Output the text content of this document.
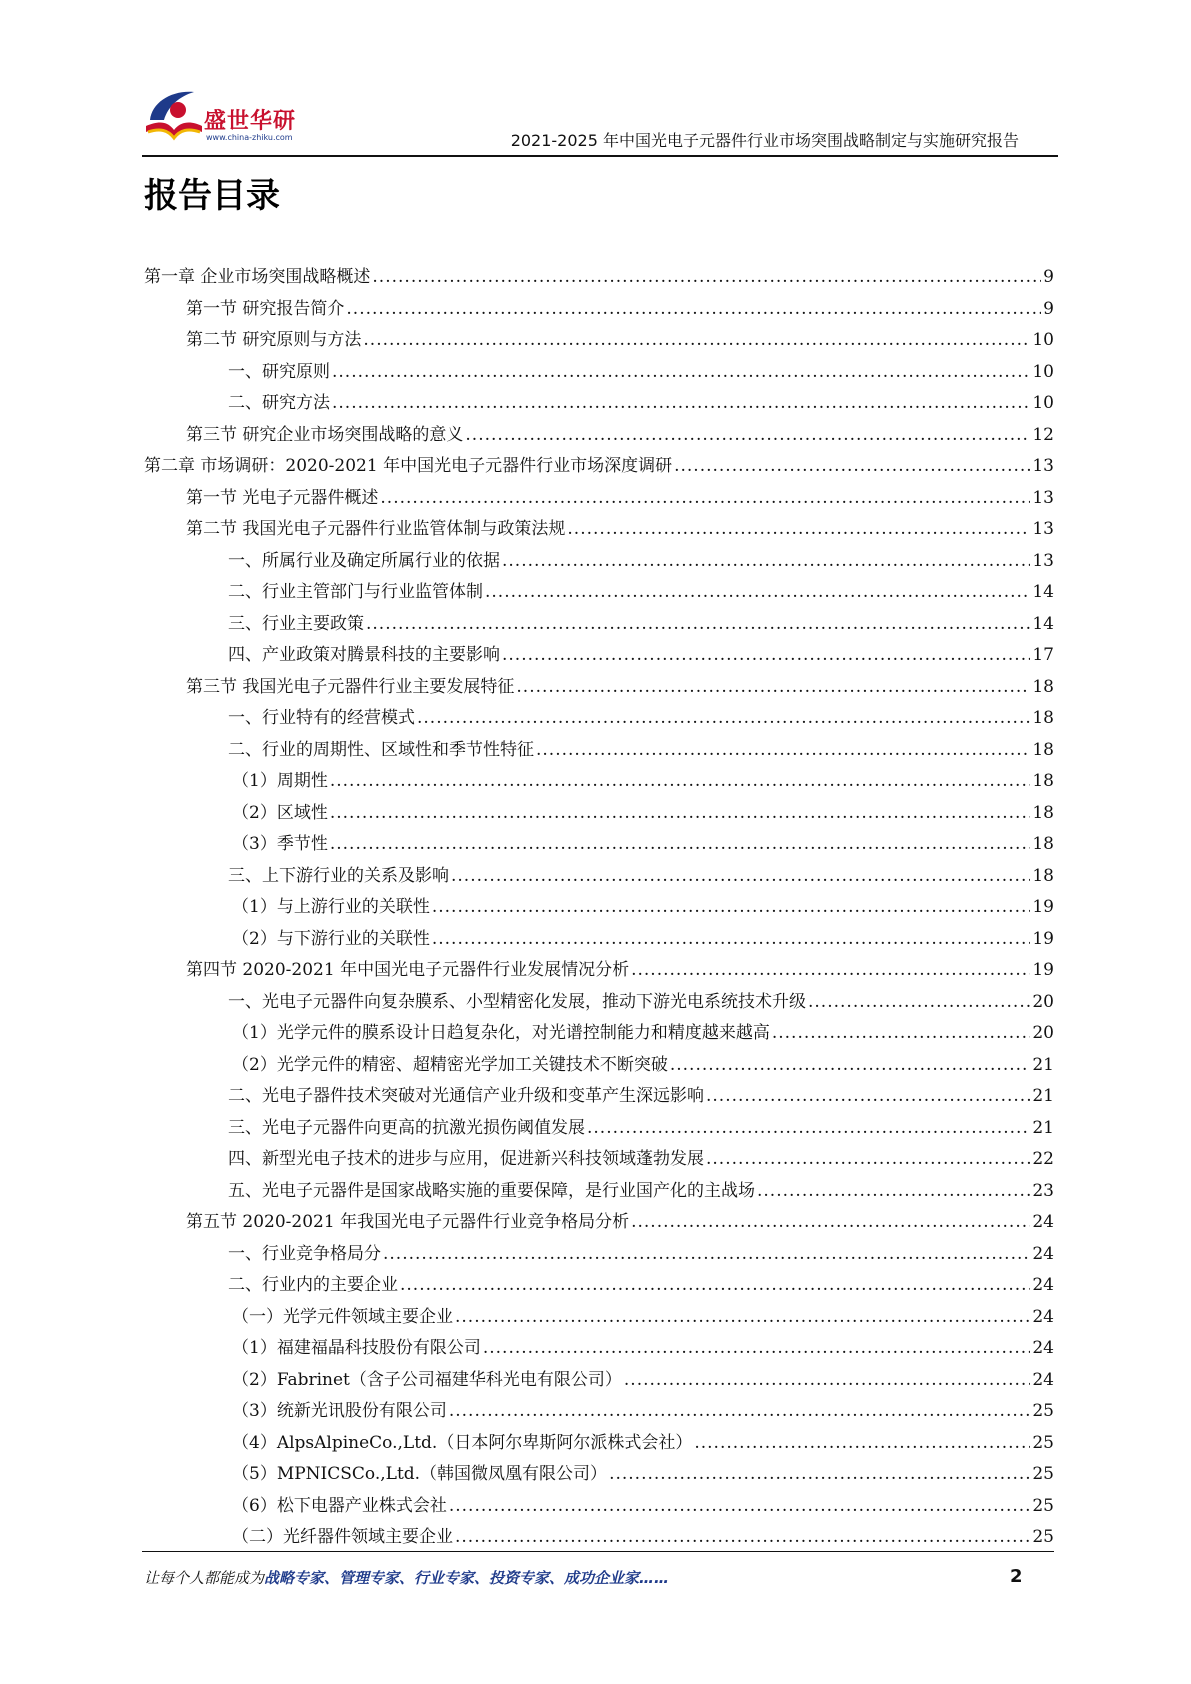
盛世华研
www.china-zhiku.com	2021-2025 年中国光电子元器件行业市场突围战略制定与实施研究报告
报告目录
第一章 企业市场突围战略概述 .....	9
第一节 研究报告简介 .....	9
第二节 研究原则与方法 .....	10
一、研究原则 .....	10
二、研究方法 .....	10
第三节 研究企业市场突围战略的意义 .....	12
第二章 市场调研：2020-2021 年中国光电子元器件行业市场深度调研 .....	13
第一节 光电子元器件概述 .....	13
第二节 我国光电子元器件行业监管体制与政策法规 .....	13
一、所属行业及确定所属行业的依据 .....	13
二、行业主管部门与行业监管体制 .....	14
三、行业主要政策 .....	14
四、产业政策对腾景科技的主要影响 .....	17
第三节 我国光电子元器件行业主要发展特征 .....	18
一、行业特有的经营模式 .....	18
二、行业的周期性、区域性和季节性特征 .....	18
（1）周期性 .....	18
（2）区域性 .....	18
（3）季节性 .....	18
三、上下游行业的关系及影响 .....	18
（1）与上游行业的关联性 .....	19
（2）与下游行业的关联性 .....	19
第四节 2020-2021 年中国光电子元器件行业发展情况分析 .....	19
一、光电子元器件向复杂膜系、小型精密化发展，推动下游光电系统技术升级 .....	20
（1）光学元件的膜系设计日趋复杂化，对光谱控制能力和精度越来越高 .....	20
（2）光学元件的精密、超精密光学加工关键技术不断突破 .....	21
二、光电子器件技术突破对光通信产业升级和变革产生深远影响 .....	21
三、光电子元器件向更高的抗激光损伤阈值发展 .....	21
四、新型光电子技术的进步与应用，促进新兴科技领域蓬勃发展 .....	22
五、光电子元器件是国家战略实施的重要保障，是行业国产化的主战场 .....	23
第五节 2020-2021 年我国光电子元器件行业竞争格局分析 .....	24
一、行业竞争格局分 .....	24
二、行业内的主要企业 .....	24
（一）光学元件领域主要企业 .....	24
（1）福建福晶科技股份有限公司 .....	24
（2）Fabrinet（含子公司福建华科光电有限公司） .....	24
（3）统新光讯股份有限公司 .....	25
（4）AlpsAlpineCo.,Ltd.（日本阿尔卑斯阿尔派株式会社） .....	25
（5）MPNICSCo.,Ltd.（韩国微凤凰有限公司） .....	25
（6）松下电器产业株式会社 .....	25
（二）光纤器件领域主要企业 .....	25
让每个人都能成为战略专家、管理专家、行业专家、投资专家、成功企业家……	2
